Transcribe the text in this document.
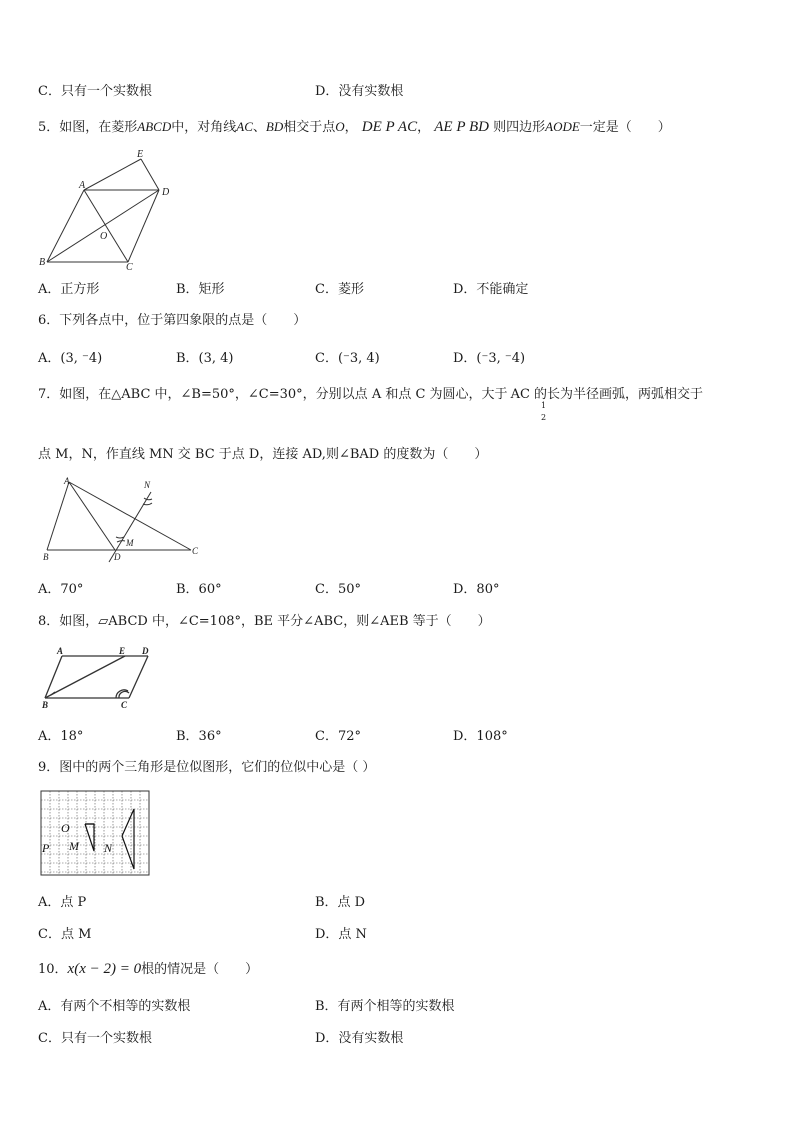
C．只有一个实数根	D．没有实数根
5．如图，在菱形ABCD中，对角线AC、BD相交于点O， DE P AC， AE P BD 则四边形AODE一定是（　　）
E
A
D
O
B	C
A．正方形	B．矩形	C．菱形	D．不能确定
6．下列各点中，位于第四象限的点是（　　）
A．(3, ⁻4)	B．(3, 4)	C．(⁻3, 4)	D．(⁻3, ⁻4)
7．如图，在△ABC 中，∠B=50°，∠C=30°，分别以点 A 和点 C 为圆心，大于 AC 的长为半径画弧，两弧相交于
1
2
点 M，N，作直线 MN 交 BC 于点 D，连接 AD,则∠BAD 的度数为（　　）
A	N
M
B	D
C
A．70°	B．60°	C．50°	D．80°
8．如图，▱ABCD 中，∠C=108°，BE 平分∠ABC，则∠AEB 等于（　　）
A	E D
B	C
A．18°	B．36°	C．72°	D．108°
9．图中的两个三角形是位似图形，它们的位似中心是（ ）
O
P M N
A．点 P	B．点 D
C．点 M	D．点 N
10．x(x − 2) = 0根的情况是（　　）
A．有两个不相等的实数根	B．有两个相等的实数根
C．只有一个实数根	D．没有实数根
